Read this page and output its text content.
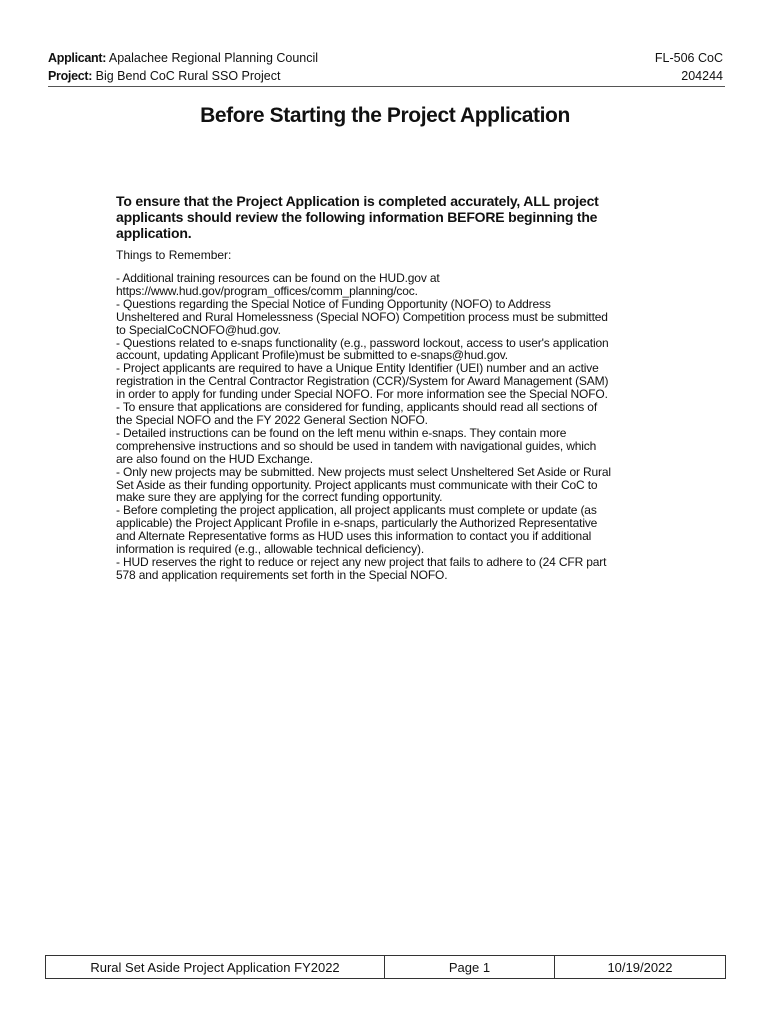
Applicant: Apalachee Regional Planning Council
Project: Big Bend CoC Rural SSO Project
FL-506 CoC
204244
Before Starting the Project Application
To ensure that the Project Application is completed accurately, ALL project applicants should review the following information BEFORE beginning the application.
Things to Remember:
- Additional training resources can be found on the HUD.gov at
https://www.hud.gov/program_offices/comm_planning/coc.
- Questions regarding the Special Notice of Funding Opportunity (NOFO) to Address
Unsheltered and Rural Homelessness (Special NOFO) Competition process must be submitted
to SpecialCoCNOFO@hud.gov.
- Questions related to e-snaps functionality (e.g., password lockout, access to user's application
account, updating Applicant Profile)must be submitted to e-snaps@hud.gov.
- Project applicants are required to have a Unique Entity Identifier (UEI) number and an active
registration in the Central Contractor Registration (CCR)/System for Award Management (SAM)
in order to apply for funding under Special NOFO. For more information see the Special NOFO.
- To ensure that applications are considered for funding, applicants should read all sections of
the Special NOFO and the FY 2022 General Section NOFO.
- Detailed instructions can be found on the left menu within e-snaps. They contain more
comprehensive instructions and so should be used in tandem with navigational guides, which
are also found on the HUD Exchange.
- Only new projects may be submitted. New projects must select Unsheltered Set Aside or Rural
Set Aside as their funding opportunity. Project applicants must communicate with their CoC to
make sure they are applying for the correct funding opportunity.
- Before completing the project application, all project applicants must complete or update (as
applicable) the Project Applicant Profile in e-snaps, particularly the Authorized Representative
and Alternate Representative forms as HUD uses this information to contact you if additional
information is required (e.g., allowable technical deficiency).
- HUD reserves the right to reduce or reject any new project that fails to adhere to (24 CFR part
578 and application requirements set forth in the Special NOFO.
Rural Set Aside Project Application FY2022	Page 1	10/19/2022
